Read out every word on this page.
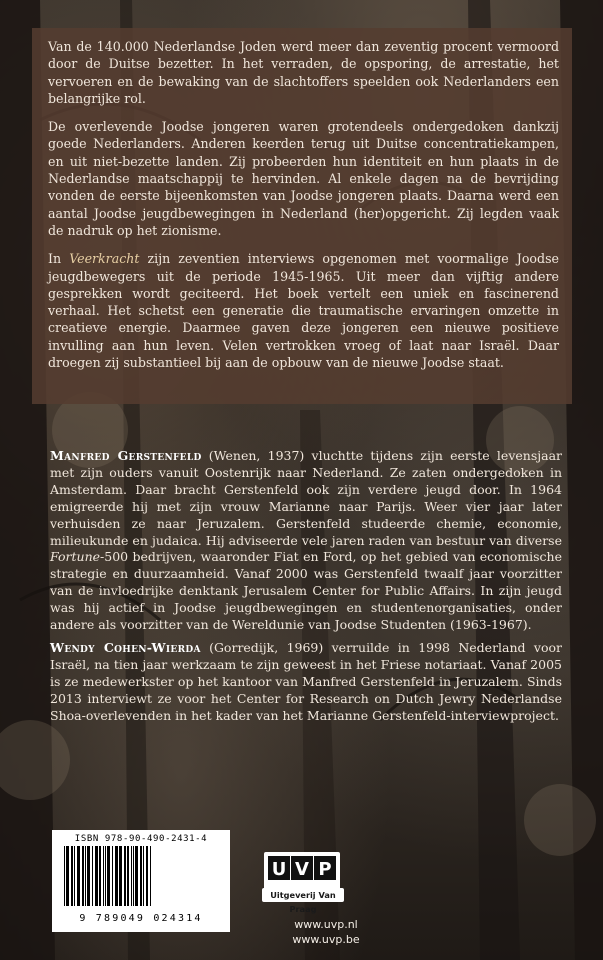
Van de 140.000 Nederlandse Joden werd meer dan zeventig procent vermoord door de Duitse bezetter. In het verraden, de opsporing, de arrestatie, het vervoeren en de bewaking van de slachtoffers speelden ook Nederlanders een belangrijke rol.

De overlevende Joodse jongeren waren grotendeels ondergedoken dankzij goede Nederlanders. Anderen keerden terug uit Duitse concentratiekampen, en uit niet-bezette landen. Zij probeerden hun identiteit en hun plaats in de Nederlandse maatschappij te hervinden. Al enkele dagen na de bevrijding vonden de eerste bijeenkomsten van Joodse jongeren plaats. Daarna werd een aantal Joodse jeugdbewegingen in Nederland (her)opgericht. Zij legden vaak de nadruk op het zionisme.

In Veerkracht zijn zeventien interviews opgenomen met voormalige Joodse jeugdbewegers uit de periode 1945-1965. Uit meer dan vijftig andere gesprekken wordt geciteerd. Het boek vertelt een uniek en fascinerend verhaal. Het schetst een generatie die traumatische ervaringen omzette in creatieve energie. Daarmee gaven deze jongeren een nieuwe positieve invulling aan hun leven. Velen vertrokken vroeg of laat naar Israël. Daar droegen zij substantieel bij aan de opbouw van de nieuwe Joodse staat.

Manfred Gerstenfeld (Wenen, 1937) vluchtte tijdens zijn eerste levensjaar met zijn ouders vanuit Oostenrijk naar Nederland. Ze zaten ondergedoken in Amsterdam. Daar bracht Gerstenfeld ook zijn verdere jeugd door. In 1964 emigreerde hij met zijn vrouw Marianne naar Parijs. Weer vier jaar later verhuisden ze naar Jeruzalem. Gerstenfeld studeerde chemie, economie, milieukunde en judaica. Hij adviseerde vele jaren raden van bestuur van diverse Fortune-500 bedrijven, waaronder Fiat en Ford, op het gebied van economische strategie en duurzaamheid. Vanaf 2000 was Gerstenfeld twaalf jaar voorzitter van de invloedrijke denktank Jerusalem Center for Public Affairs. In zijn jeugd was hij actief in Joodse jeugdbewegingen en studentenorganisaties, onder andere als voorzitter van de Wereldunie van Joodse Studenten (1963-1967).

Wendy Cohen-Wierda (Gorredijk, 1969) verruilde in 1998 Nederland voor Israël, na tien jaar werkzaam te zijn geweest in het Friese notariaat. Vanaf 2005 is ze medewerkster op het kantoor van Manfred Gerstenfeld in Jeruzalem. Sinds 2013 interviewt ze voor het Center for Research on Dutch Jewry Nederlandse Shoa-overlevenden in het kader van het Marianne Gerstenfeld-interviewproject.

ISBN 978-90-490-2431-4
9 789049 024314
U V P
Uitgeverij Van Praag
www.uvp.nl
www.uvp.be
